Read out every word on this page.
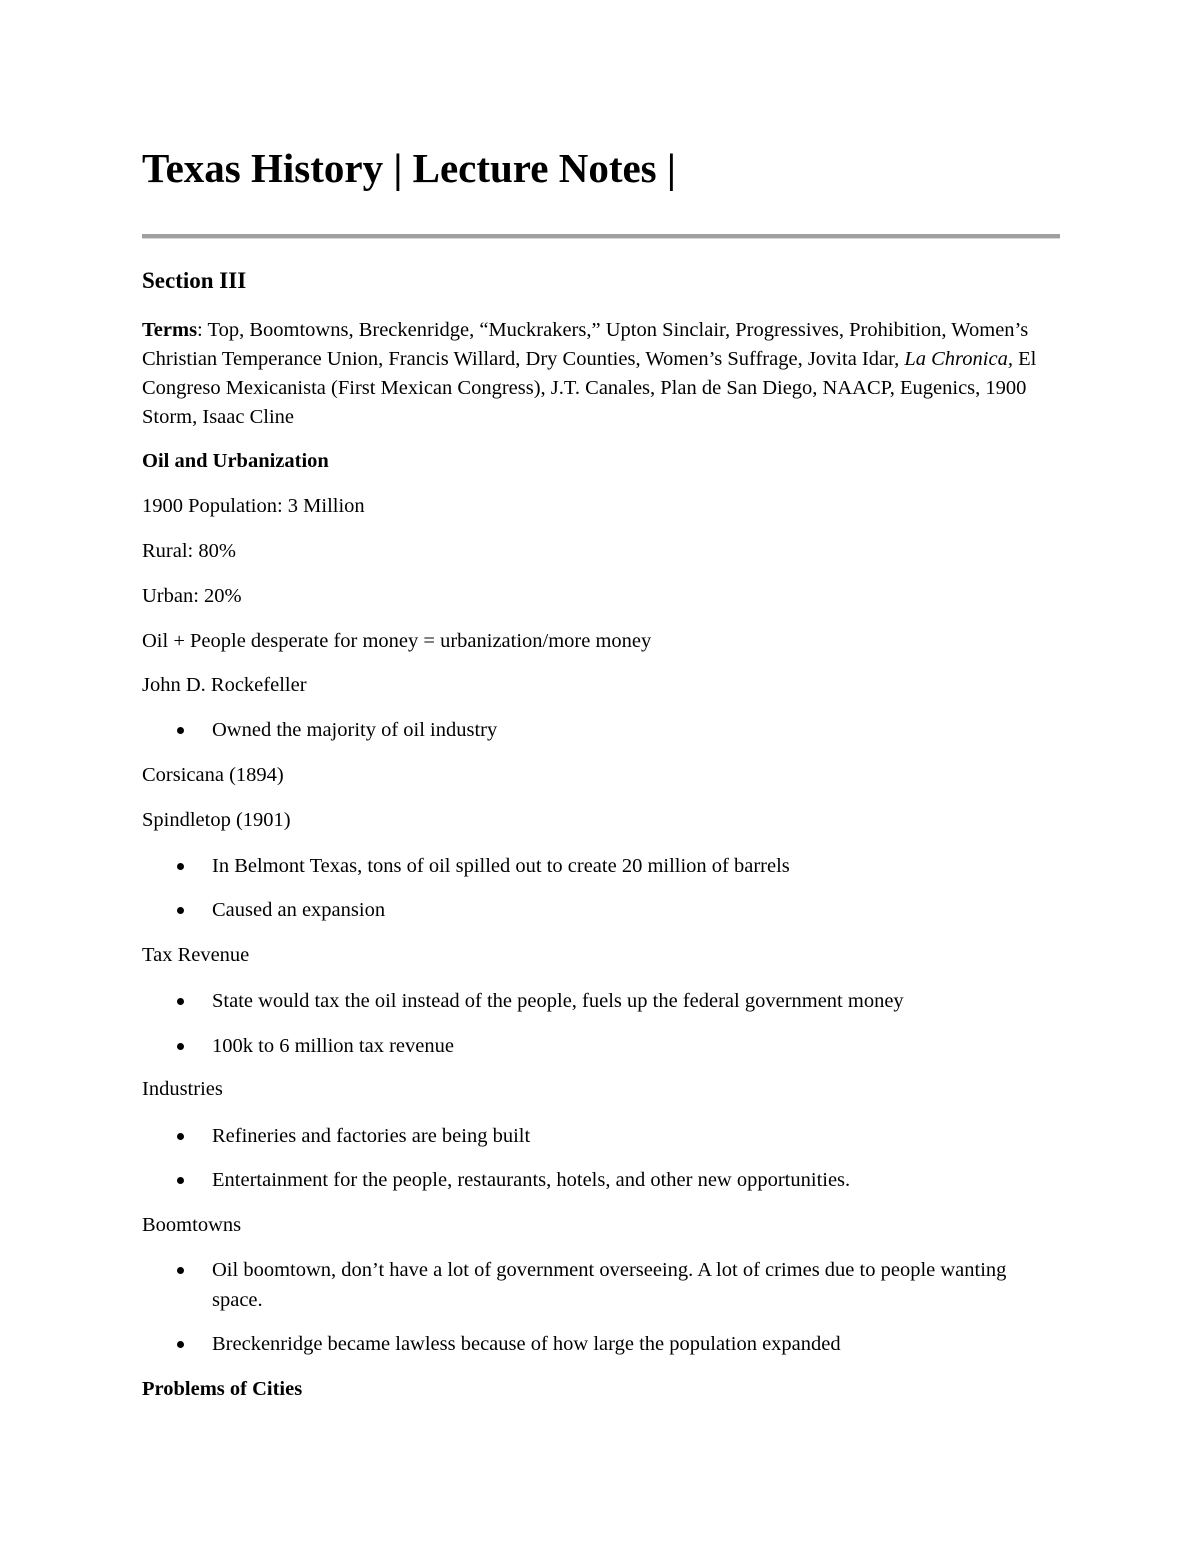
Texas History | Lecture Notes |
Section III

Terms: Top, Boomtowns, Breckenridge, “Muckrakers,” Upton Sinclair, Progressives, Prohibition, Women’s Christian Temperance Union, Francis Willard, Dry Counties, Women’s Suffrage, Jovita Idar, La Chronica, El Congreso Mexicanista (First Mexican Congress), J.T. Canales, Plan de San Diego, NAACP, Eugenics, 1900 Storm, Isaac Cline

Oil and Urbanization

1900 Population: 3 Million

Rural: 80%

Urban: 20%

Oil + People desperate for money = urbanization/more money

John D. Rockefeller

Owned the majority of oil industry

Corsicana (1894)

Spindletop (1901)

In Belmont Texas, tons of oil spilled out to create 20 million of barrels
Caused an expansion

Tax Revenue

State would tax the oil instead of the people, fuels up the federal government money
100k to 6 million tax revenue

Industries

Refineries and factories are being built
Entertainment for the people, restaurants, hotels, and other new opportunities.

Boomtowns

Oil boomtown, don’t have a lot of government overseeing. A lot of crimes due to people wanting space.
Breckenridge became lawless because of how large the population expanded

Problems of Cities
